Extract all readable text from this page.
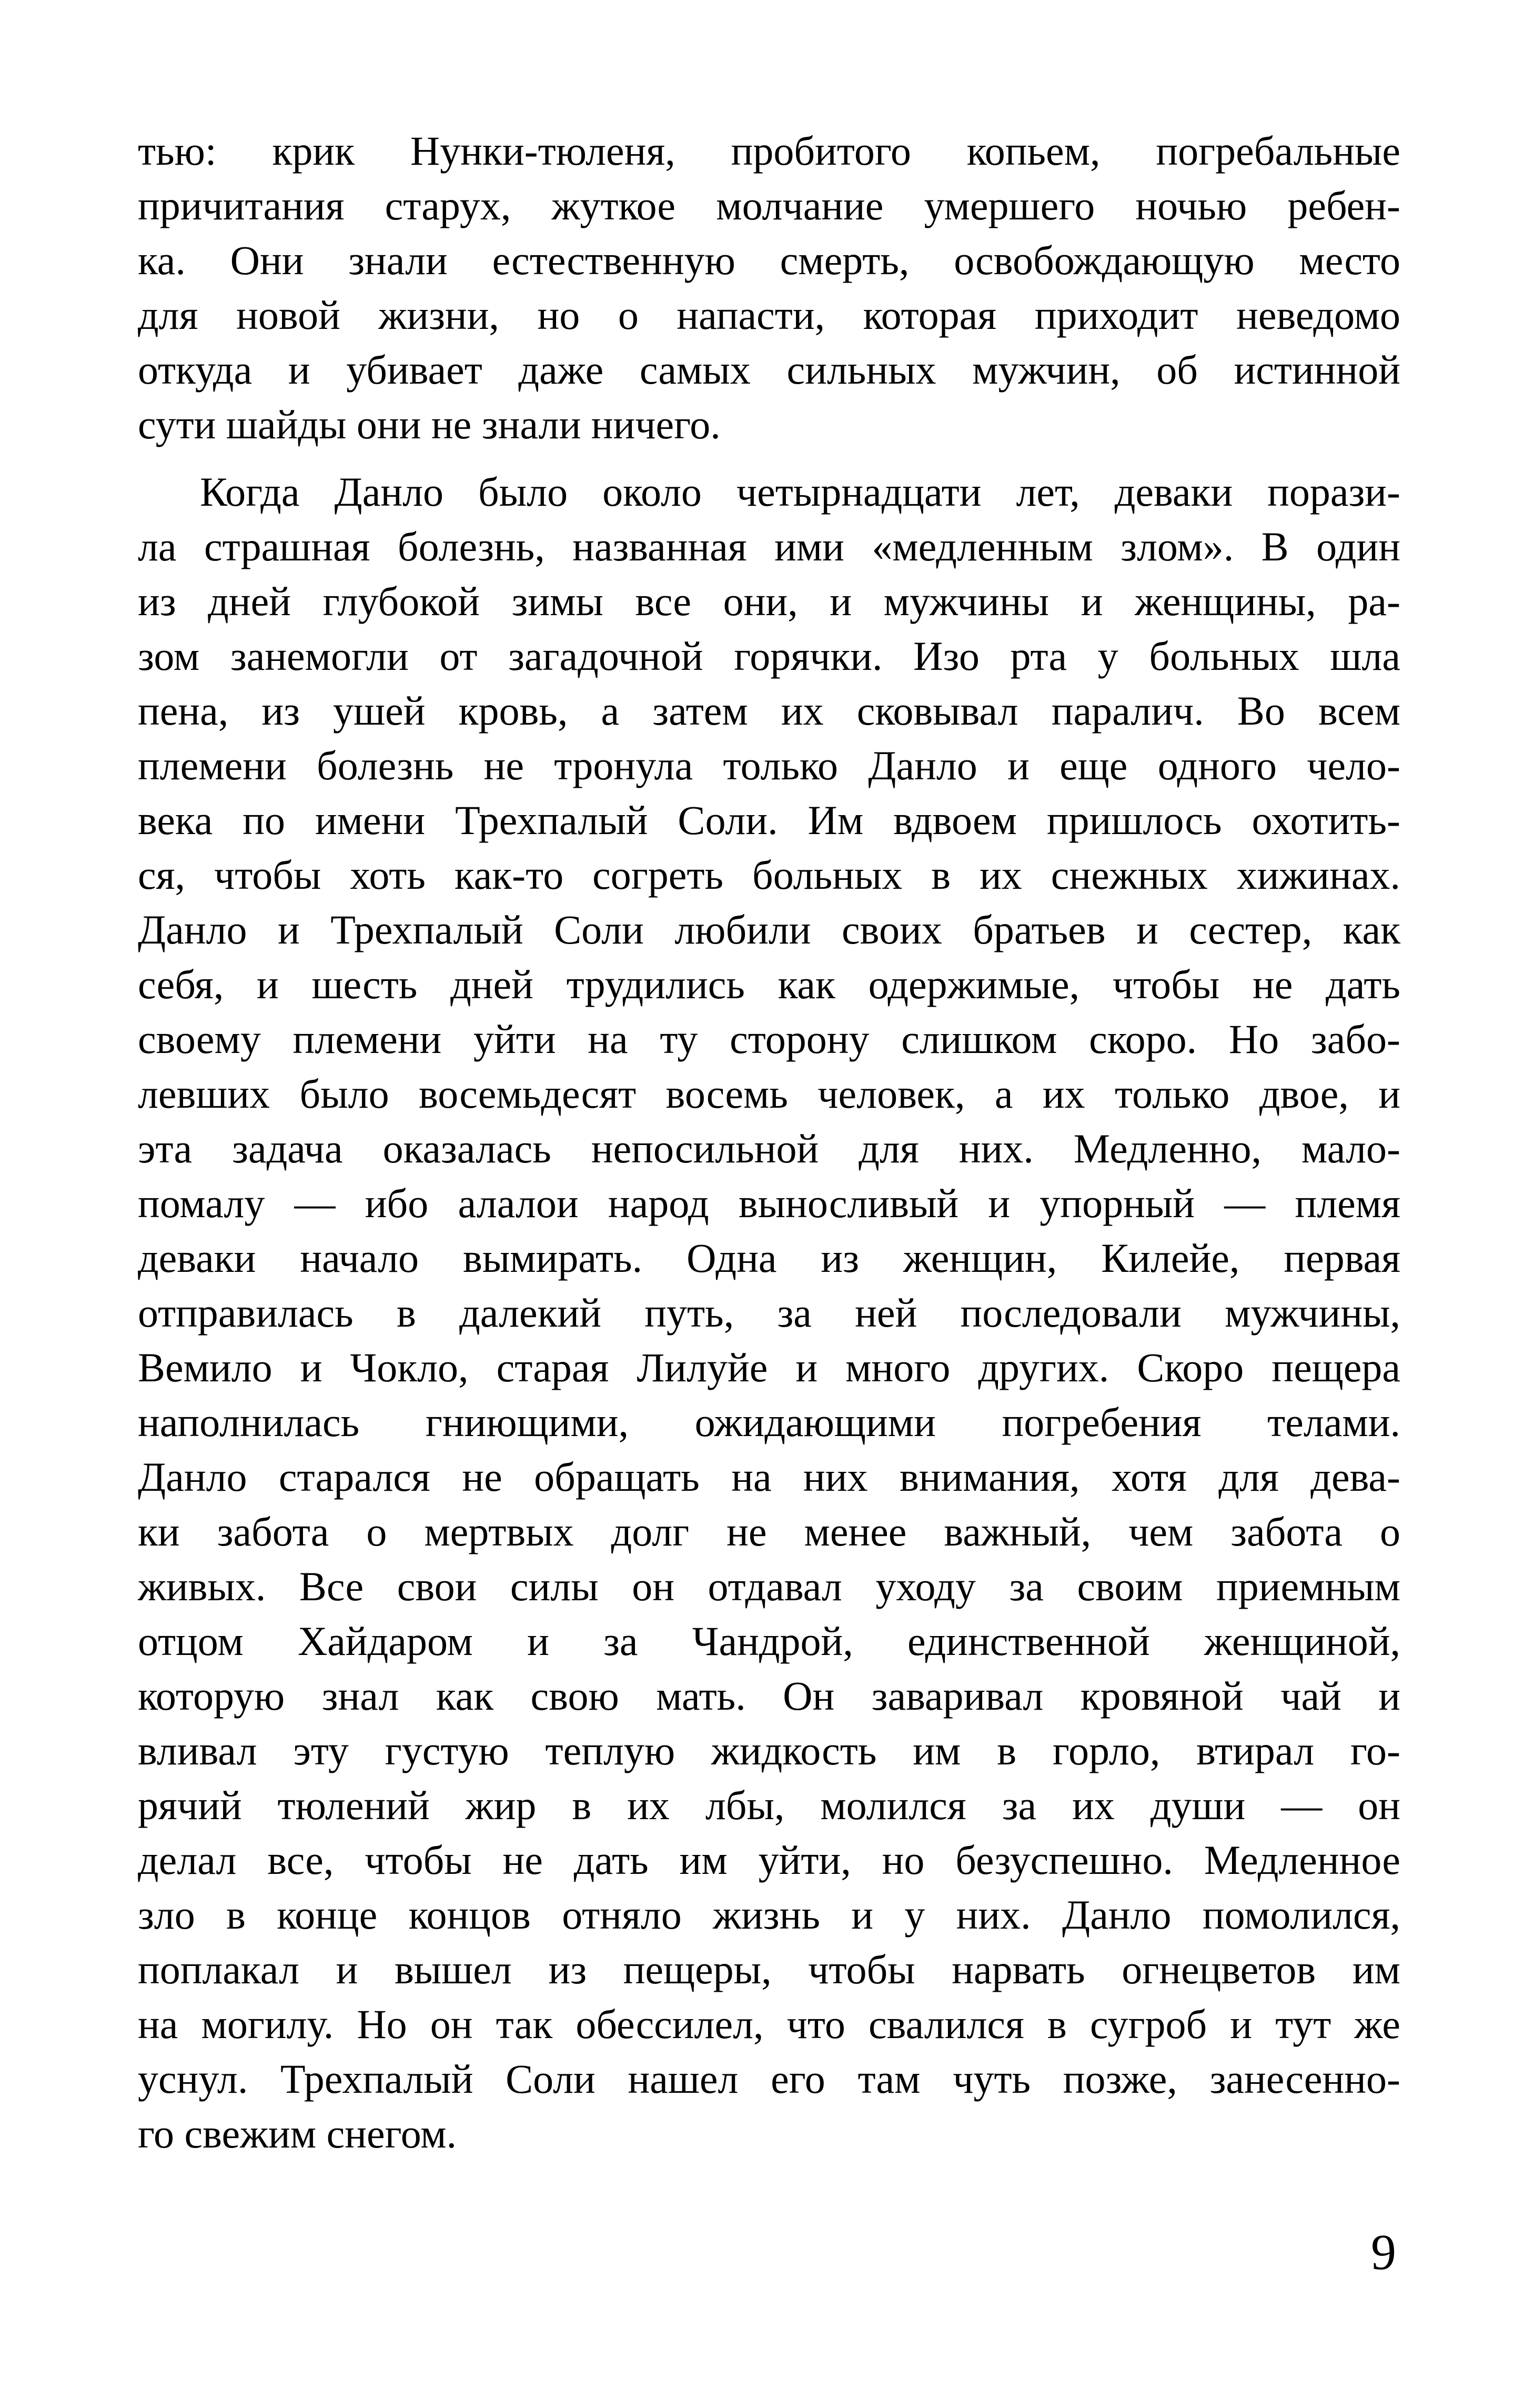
тью: крик Нунки-тюленя, пробитого копьем, погребальные
причитания старух, жуткое молчание умершего ночью ребен-
ка. Они знали естественную смерть, освобождающую место
для новой жизни, но о напасти, которая приходит неведомо
откуда и убивает даже самых сильных мужчин, об истинной
сути шайды они не знали ничего.
Когда Данло было около четырнадцати лет, деваки порази-
ла страшная болезнь, названная ими «медленным злом». В один
из дней глубокой зимы все они, и мужчины и женщины, ра-
зом занемогли от загадочной горячки. Изо рта у больных шла
пена, из ушей кровь, а затем их сковывал паралич. Во всем
племени болезнь не тронула только Данло и еще одного чело-
века по имени Трехпалый Соли. Им вдвоем пришлось охотить-
ся, чтобы хоть как-то согреть больных в их снежных хижинах.
Данло и Трехпалый Соли любили своих братьев и сестер, как
себя, и шесть дней трудились как одержимые, чтобы не дать
своему племени уйти на ту сторону слишком скоро. Но забо-
левших было восемьдесят восемь человек, а их только двое, и
эта задача оказалась непосильной для них. Медленно, мало-
помалу — ибо алалои народ выносливый и упорный — племя
деваки начало вымирать. Одна из женщин, Килейе, первая
отправилась в далекий путь, за ней последовали мужчины,
Вемило и Чокло, старая Лилуйе и много других. Скоро пещера
наполнилась гниющими, ожидающими погребения телами.
Данло старался не обращать на них внимания, хотя для дева-
ки забота о мертвых долг не менее важный, чем забота о
живых. Все свои силы он отдавал уходу за своим приемным
отцом Хайдаром и за Чандрой, единственной женщиной,
которую знал как свою мать. Он заваривал кровяной чай и
вливал эту густую теплую жидкость им в горло, втирал го-
рячий тюлений жир в их лбы, молился за их души — он
делал все, чтобы не дать им уйти, но безуспешно. Медленное
зло в конце концов отняло жизнь и у них. Данло помолился,
поплакал и вышел из пещеры, чтобы нарвать огнецветов им
на могилу. Но он так обессилел, что свалился в сугроб и тут же
уснул. Трехпалый Соли нашел его там чуть позже, занесенно-
го свежим снегом.
9
